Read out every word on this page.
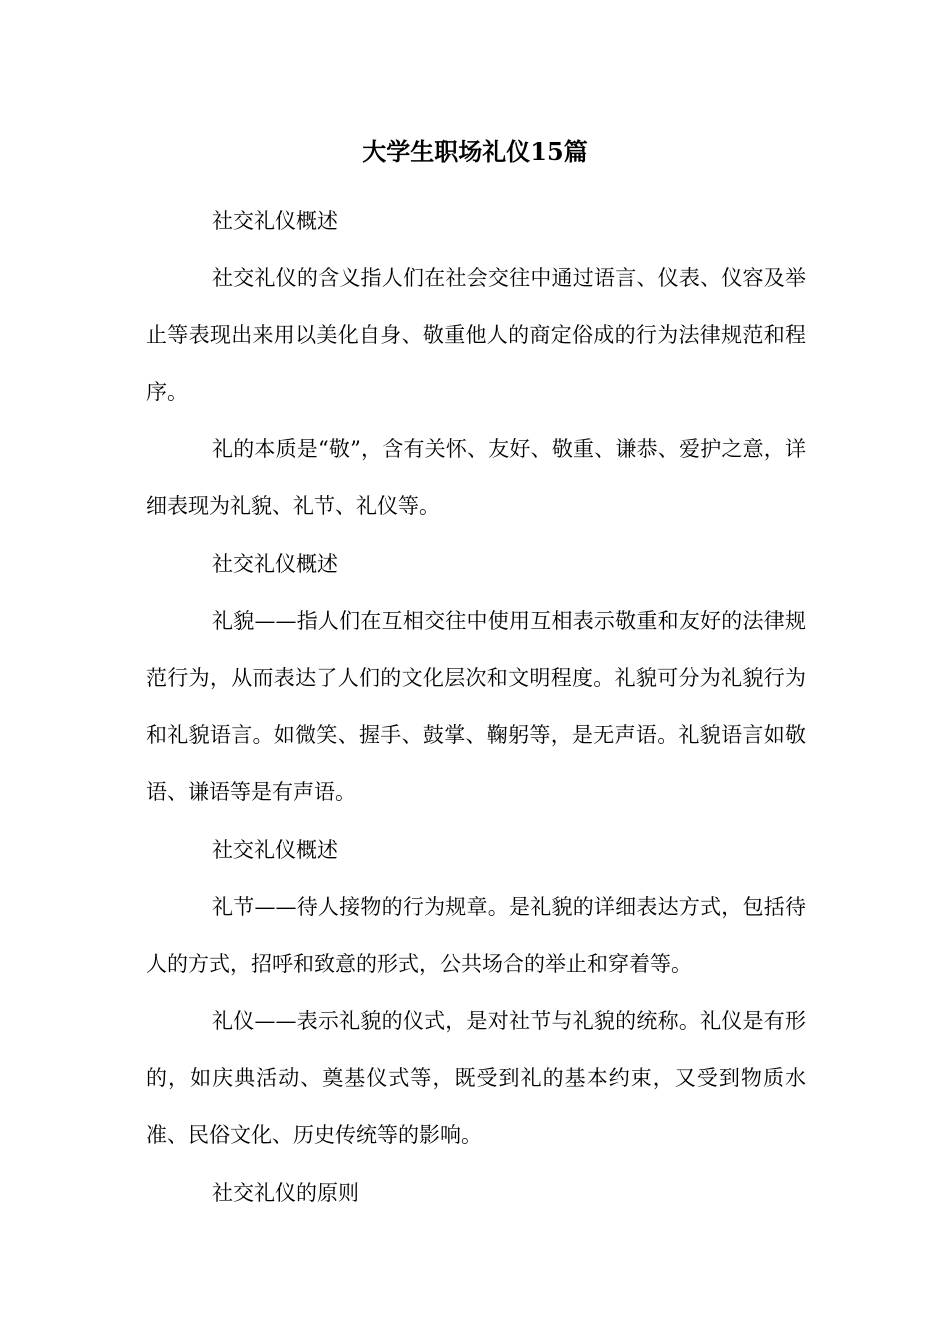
大学生职场礼仪15篇
社交礼仪概述
社交礼仪的含义指人们在社会交往中通过语言、仪表、仪容及举止等表现出来用以美化自身、敬重他人的商定俗成的行为法律规范和程序。
礼的本质是“敬”，含有关怀、友好、敬重、谦恭、爱护之意，详细表现为礼貌、礼节、礼仪等。
社交礼仪概述
礼貌——指人们在互相交往中使用互相表示敬重和友好的法律规范行为，从而表达了人们的文化层次和文明程度。礼貌可分为礼貌行为和礼貌语言。如微笑、握手、鼓掌、鞠躬等，是无声语。礼貌语言如敬语、谦语等是有声语。
社交礼仪概述
礼节——待人接物的行为规章。是礼貌的详细表达方式，包括待人的方式，招呼和致意的形式，公共场合的举止和穿着等。
礼仪——表示礼貌的仪式，是对社节与礼貌的统称。礼仪是有形的，如庆典活动、奠基仪式等，既受到礼的基本约束，又受到物质水准、民俗文化、历史传统等的影响。
社交礼仪的原则
